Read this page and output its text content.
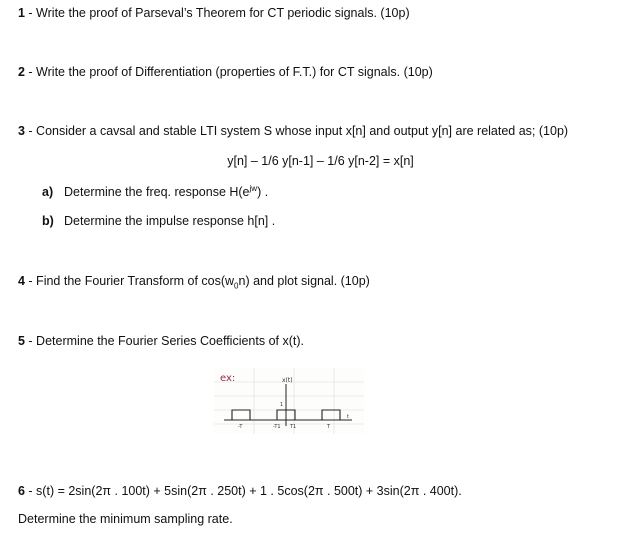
1 - Write the proof of Parseval’s Theorem for CT periodic signals. (10p)
2 - Write the proof of Differentiation (properties of F.T.) for CT signals. (10p)
3 - Consider a cavsal and stable LTI system S whose input x[n] and output y[n] are related as; (10p)
y[n] – 1/6 y[n-1] – 1/6 y[n-2] = x[n]
a) Determine the freq. response $H(e^{jw})$ .
b) Determine the impulse response h[n] .
4 - Find the Fourier Transform of $\cos(w_0n)$ and plot signal. (10p)
5 - Determine the Fourier Series Coefficients of x(t).
ex:	x(t)
1
t
-T	-T1 T1	T
6 - s(t) = 2sin(2π . 100t) + 5sin(2π . 250t) + 1 . 5cos(2π . 500t) + 3sin(2π . 400t).
Determine the minimum sampling rate.
